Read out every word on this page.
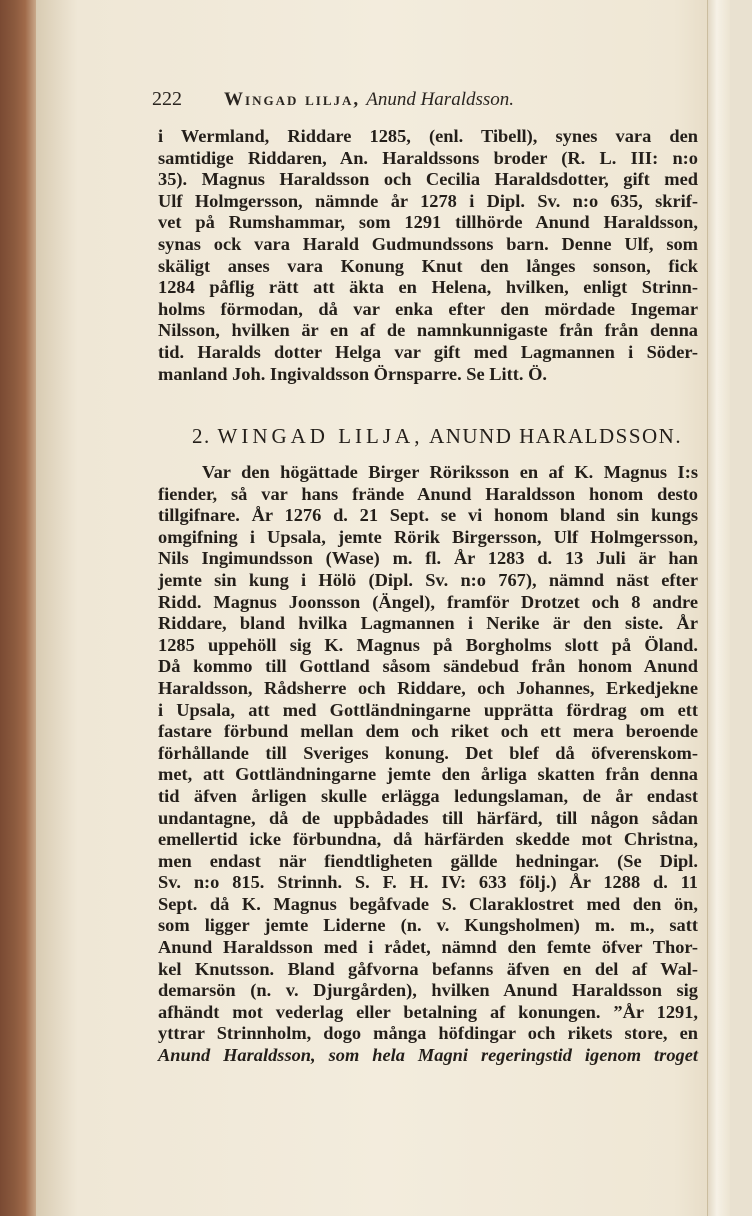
222 Wingad lilja, Anund Haraldsson.
i Wermland, Riddare 1285, (enl. Tibell), synes vara den
samtidige Riddaren, An. Haraldssons broder (R. L. III: n:o
35). Magnus Haraldsson och Cecilia Haraldsdotter, gift med
Ulf Holmgersson, nämnde år 1278 i Dipl. Sv. n:o 635, skrif-
vet på Rumshammar, som 1291 tillhörde Anund Haraldsson,
synas ock vara Harald Gudmundssons barn. Denne Ulf, som
skäligt anses vara Konung Knut den långes sonson, fick
1284 påflig rätt att äkta en Helena, hvilken, enligt Strinn-
holms förmodan, då var enka efter den mördade Ingemar
Nilsson, hvilken är en af de namnkunnigaste från från denna
tid. Haralds dotter Helga var gift med Lagmannen i Söder-
manland Joh. Ingivaldsson Örnsparre. Se Litt. Ö.
2. WINGAD LILJA, ANUND HARALDSSON.
Var den högättade Birger Röriksson en af K. Magnus I:s
fiender, så var hans frände Anund Haraldsson honom desto
tillgifnare. År 1276 d. 21 Sept. se vi honom bland sin kungs
omgifning i Upsala, jemte Rörik Birgersson, Ulf Holmgersson,
Nils Ingimundsson (Wase) m. fl. År 1283 d. 13 Juli är han
jemte sin kung i Hölö (Dipl. Sv. n:o 767), nämnd näst efter
Ridd. Magnus Joonsson (Ängel), framför Drotzet och 8 andre
Riddare, bland hvilka Lagmannen i Nerike är den siste. År
1285 uppehöll sig K. Magnus på Borgholms slott på Öland.
Då kommo till Gottland såsom sändebud från honom Anund
Haraldsson, Rådsherre och Riddare, och Johannes, Erkedjekne
i Upsala, att med Gottländningarne upprätta fördrag om ett
fastare förbund mellan dem och riket och ett mera beroende
förhållande till Sveriges konung. Det blef då öfverenskom-
met, att Gottländningarne jemte den årliga skatten från denna
tid äfven årligen skulle erlägga ledungslaman, de år endast
undantagne, då de uppbådades till härfärd, till någon sådan
emellertid icke förbundna, då härfärden skedde mot Christna,
men endast när fiendtligheten gällde hedningar. (Se Dipl.
Sv. n:o 815. Strinnh. S. F. H. IV: 633 följ.) År 1288 d. 11
Sept. då K. Magnus begåfvade S. Claraklostret med den ön,
som ligger jemte Liderne (n. v. Kungsholmen) m. m., satt
Anund Haraldsson med i rådet, nämnd den femte öfver Thor-
kel Knutsson. Bland gåfvorna befanns äfven en del af Wal-
demarsön (n. v. Djurgården), hvilken Anund Haraldsson sig
afhändt mot vederlag eller betalning af konungen. ”År 1291,
yttrar Strinnholm, dogo många höfdingar och rikets store, en
Anund Haraldsson, som hela Magni regeringstid igenom troget
